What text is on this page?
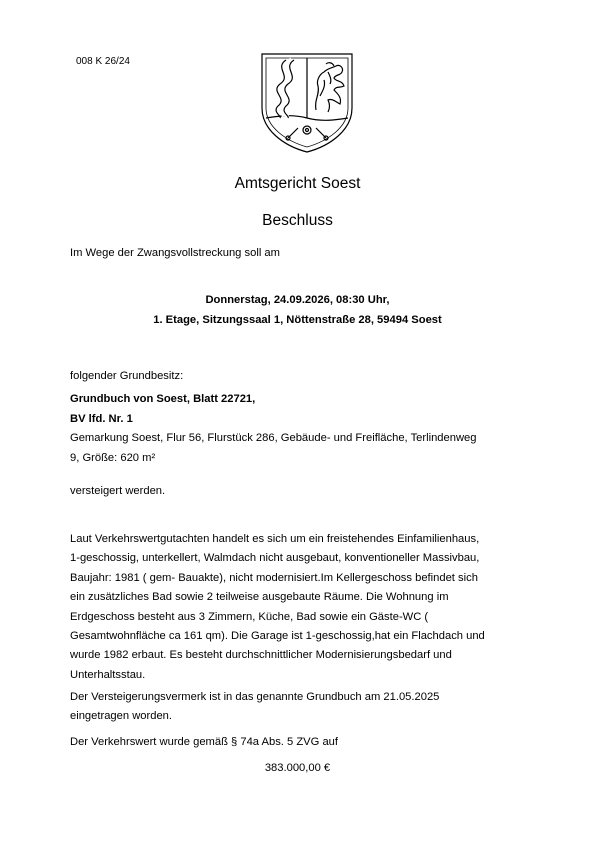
008 K 26/24
Amtsgericht Soest
Beschluss
Im Wege der Zwangsvollstreckung soll am
Donnerstag, 24.09.2026, 08:30 Uhr,
1. Etage, Sitzungssaal 1, Nöttenstraße 28, 59494 Soest
folgender Grundbesitz:
Grundbuch von Soest, Blatt 22721,
BV lfd. Nr. 1
Gemarkung Soest, Flur 56, Flurstück 286, Gebäude- und Freifläche, Terlindenweg
9, Größe: 620 m²
versteigert werden.
Laut Verkehrswertgutachten handelt es sich um ein freistehendes Einfamilienhaus,
1-geschossig, unterkellert, Walmdach nicht ausgebaut, konventioneller Massivbau,
Baujahr: 1981 ( gem- Bauakte), nicht modernisiert.Im Kellergeschoss befindet sich
ein zusätzliches Bad sowie 2 teilweise ausgebaute Räume. Die Wohnung im
Erdgeschoss besteht aus 3 Zimmern, Küche, Bad sowie ein Gäste-WC (
Gesamtwohnfläche ca 161 qm). Die Garage ist 1-geschossig,hat ein Flachdach und
wurde 1982 erbaut. Es besteht durchschnittlicher Modernisierungsbedarf und
Unterhaltsstau.
Der Versteigerungsvermerk ist in das genannte Grundbuch am 21.05.2025
eingetragen worden.
Der Verkehrswert wurde gemäß § 74a Abs. 5 ZVG auf
383.000,00 €
